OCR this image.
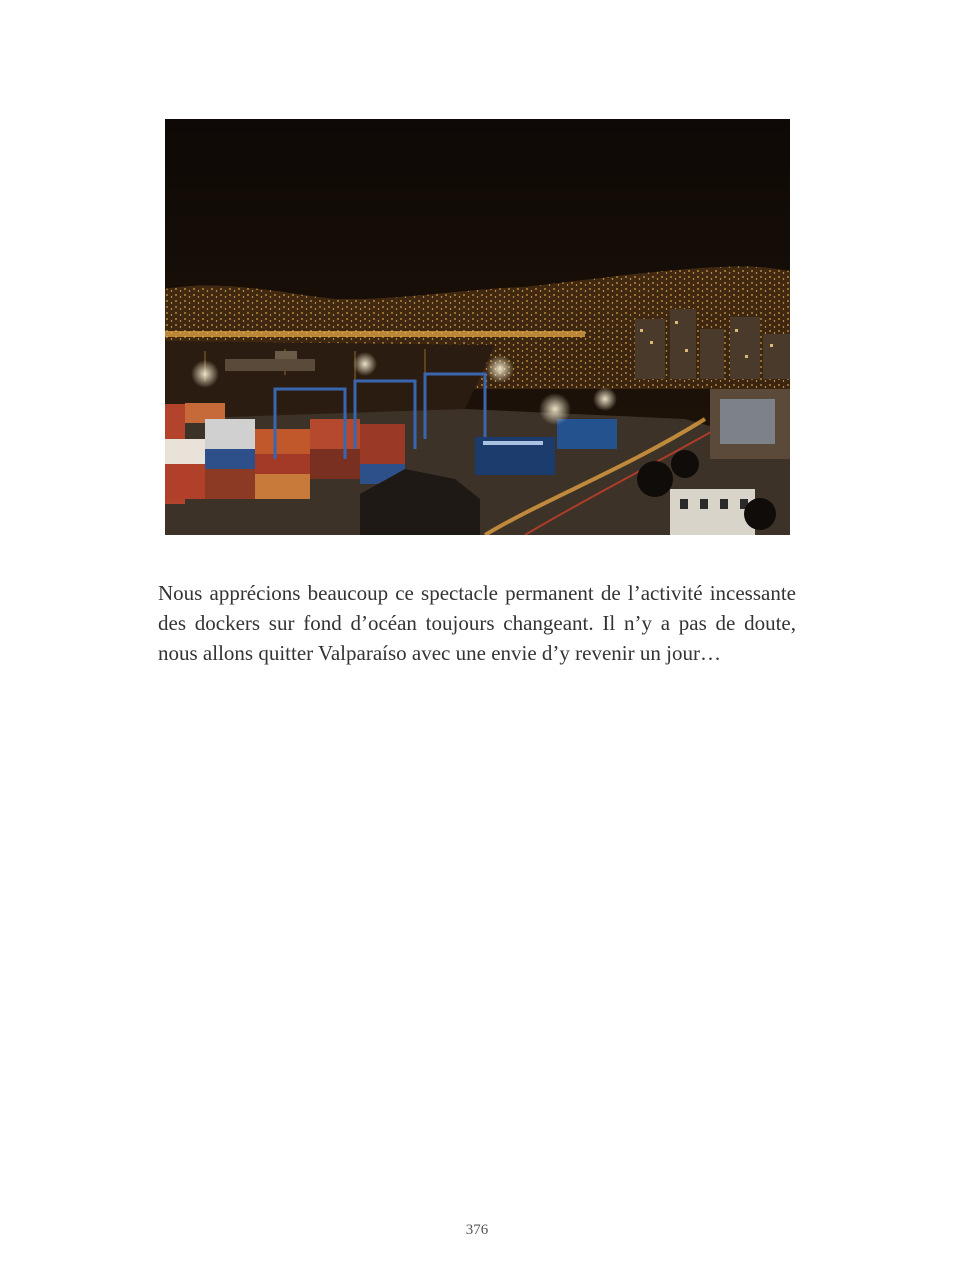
Nous apprécions beaucoup ce spectacle permanent de l’activité incessante des dockers sur fond d’océan toujours changeant. Il n’y a pas de doute, nous allons quitter Valparaíso avec une envie d’y revenir un jour…

376
